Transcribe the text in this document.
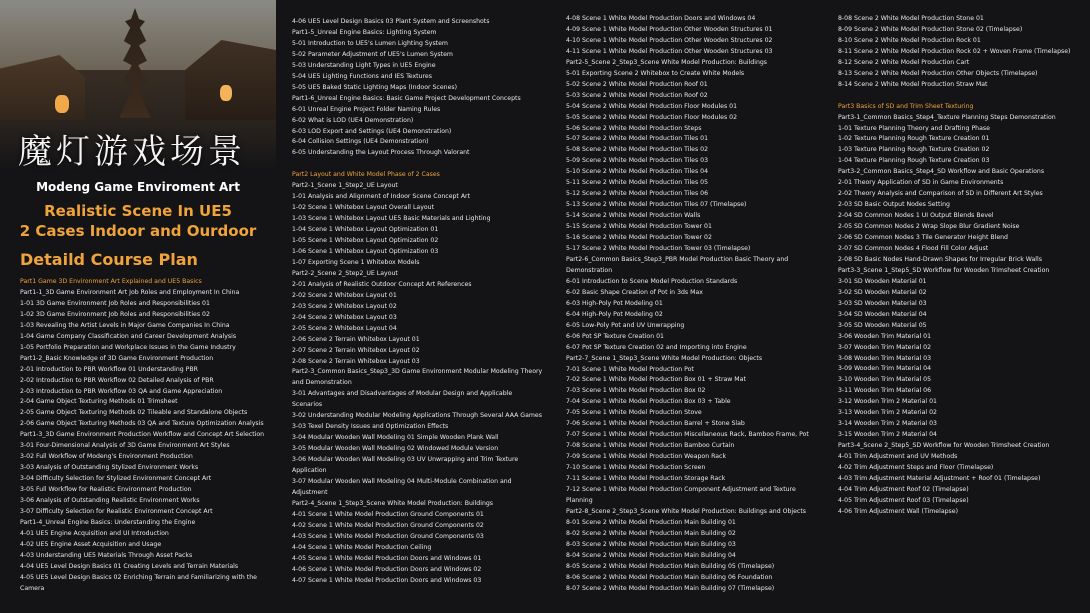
魔灯游戏场景
Modeng Game Enviroment Art
Realistic Scene In UE5
2 Cases Indoor and Ourdoor
Detaild Course Plan
Part1 Game 3D Environment Art Explained and UE5 Basics
Part1-1_3D Game Environment Art Job Roles and Employment In China
1-01 3D Game Environment Job Roles and Responsibilities 01
1-02 3D Game Environment Job Roles and Responsibilities 02
1-03 Revealing the Artist Levels in Major Game Companies In China
1-04 Game Company Classification and Career Development Analysis
1-05 Portfolio Preparation and Workplace Issues in the Game Industry
Part1-2_Basic Knowledge of 3D Game Environment Production
2-01 Introduction to PBR Workflow 01 Understanding PBR
2-02 Introduction to PBR Workflow 02 Detailed Analysis of PBR
2-03 Introduction to PBR Workflow 03 QA and Game Appreciation
2-04 Game Object Texturing Methods 01 Trimsheet
2-05 Game Object Texturing Methods 02 Tileable and Standalone Objects
2-06 Game Object Texturing Methods 03 QA and Texture Optimization Analysis
Part1-3_3D Game Environment Production Workflow and Concept Art Selection
3-01 Four-Dimensional Analysis of 3D Game Environment Art Styles
3-02 Full Workflow of Modeng's Environment Production
3-03 Analysis of Outstanding Stylized Environment Works
3-04 Difficulty Selection for Stylized Environment Concept Art
3-05 Full Workflow for Realistic Environment Production
3-06 Analysis of Outstanding Realistic Environment Works
3-07 Difficulty Selection for Realistic Environment Concept Art
Part1-4_Unreal Engine Basics: Understanding the Engine
4-01 UE5 Engine Acquisition and UI Introduction
4-02 UE5 Engine Asset Acquisition and Usage
4-03 Understanding UE5 Materials Through Asset Packs
4-04 UE5 Level Design Basics 01 Creating Levels and Terrain Materials
4-05 UE5 Level Design Basics 02 Enriching Terrain and Familiarizing with the
Camera
4-06 UE5 Level Design Basics 03 Plant System and Screenshots
Part1-5_Unreal Engine Basics: Lighting System
5-01 Introduction to UE5's Lumen Lighting System
5-02 Parameter Adjustment of UE5's Lumen System
5-03 Understanding Light Types in UE5 Engine
5-04 UE5 Lighting Functions and IES Textures
5-05 UE5 Baked Static Lighting Maps (Indoor Scenes)
Part1-6_Unreal Engine Basics: Basic Game Project Development Concepts
6-01 Unreal Engine Project Folder Naming Rules
6-02 What is LOD (UE4 Demonstration)
6-03 LOD Export and Settings (UE4 Demonstration)
6-04 Collision Settings (UE4 Demonstration)
6-05 Understanding the Layout Process Through Valorant
Part2 Layout and White Model Phase of 2 Cases
Part2-1_Scene 1_Step2_UE Layout
1-01 Analysis and Alignment of Indoor Scene Concept Art
1-02 Scene 1 Whitebox Layout Overall Layout
1-03 Scene 1 Whitebox Layout UE5 Basic Materials and Lighting
1-04 Scene 1 Whitebox Layout Optimization 01
1-05 Scene 1 Whitebox Layout Optimization 02
1-06 Scene 1 Whitebox Layout Optimization 03
1-07 Exporting Scene 1 Whitebox Models
Part2-2_Scene 2_Step2_UE Layout
2-01 Analysis of Realistic Outdoor Concept Art References
2-02 Scene 2 Whitebox Layout 01
2-03 Scene 2 Whitebox Layout 02
2-04 Scene 2 Whitebox Layout 03
2-05 Scene 2 Whitebox Layout 04
2-06 Scene 2 Terrain Whitebox Layout 01
2-07 Scene 2 Terrain Whitebox Layout 02
2-08 Scene 2 Terrain Whitebox Layout 03
Part2-3_Common Basics_Step3_3D Game Environment Modular Modeling Theory
and Demonstration
3-01 Advantages and Disadvantages of Modular Design and Applicable
Scenarios
3-02 Understanding Modular Modeling Applications Through Several AAA Games
3-03 Texel Density Issues and Optimization Effects
3-04 Modular Wooden Wall Modeling 01 Simple Wooden Plank Wall
3-05 Modular Wooden Wall Modeling 02 Windowed Module Version
3-06 Modular Wooden Wall Modeling 03 UV Unwrapping and Trim Texture
Application
3-07 Modular Wooden Wall Modeling 04 Multi-Module Combination and
Adjustment
Part2-4_Scene 1_Step3_Scene White Model Production: Buildings
4-01 Scene 1 White Model Production Ground Components 01
4-02 Scene 1 White Model Production Ground Components 02
4-03 Scene 1 White Model Production Ground Components 03
4-04 Scene 1 White Model Production Ceiling
4-05 Scene 1 White Model Production Doors and Windows 01
4-06 Scene 1 White Model Production Doors and Windows 02
4-07 Scene 1 White Model Production Doors and Windows 03
4-08 Scene 1 White Model Production Doors and Windows 04
4-09 Scene 1 White Model Production Other Wooden Structures 01
4-10 Scene 1 White Model Production Other Wooden Structures 02
4-11 Scene 1 White Model Production Other Wooden Structures 03
Part2-5_Scene 2_Step3_Scene White Model Production: Buildings
5-01 Exporting Scene 2 Whitebox to Create White Models
5-02 Scene 2 White Model Production Roof 01
5-03 Scene 2 White Model Production Roof 02
5-04 Scene 2 White Model Production Floor Modules 01
5-05 Scene 2 White Model Production Floor Modules 02
5-06 Scene 2 White Model Production Steps
5-07 Scene 2 White Model Production Tiles 01
5-08 Scene 2 White Model Production Tiles 02
5-09 Scene 2 White Model Production Tiles 03
5-10 Scene 2 White Model Production Tiles 04
5-11 Scene 2 White Model Production Tiles 05
5-12 Scene 2 White Model Production Tiles 06
5-13 Scene 2 White Model Production Tiles 07 (Timelapse)
5-14 Scene 2 White Model Production Walls
5-15 Scene 2 White Model Production Tower 01
5-16 Scene 2 White Model Production Tower 02
5-17 Scene 2 White Model Production Tower 03 (Timelapse)
Part2-6_Common Basics_Step3_PBR Model Production Basic Theory and
Demonstration
6-01 Introduction to Scene Model Production Standards
6-02 Basic Shape Creation of Pot in 3ds Max
6-03 High-Poly Pot Modeling 01
6-04 High-Poly Pot Modeling 02
6-05 Low-Poly Pot and UV Unwrapping
6-06 Pot SP Texture Creation 01
6-07 Pot SP Texture Creation 02 and Importing into Engine
Part2-7_Scene 1_Step3_Scene White Model Production: Objects
7-01 Scene 1 White Model Production Pot
7-02 Scene 1 White Model Production Box 01 + Straw Mat
7-03 Scene 1 White Model Production Box 02
7-04 Scene 1 White Model Production Box 03 + Table
7-05 Scene 1 White Model Production Stove
7-06 Scene 1 White Model Production Barrel + Stone Slab
7-07 Scene 1 White Model Production Miscellaneous Rack, Bamboo Frame, Pot
7-08 Scene 1 White Model Production Bamboo Curtain
7-09 Scene 1 White Model Production Weapon Rack
7-10 Scene 1 White Model Production Screen
7-11 Scene 1 White Model Production Storage Rack
7-12 Scene 1 White Model Production Component Adjustment and Texture
Planning
Part2-8_Scene 2_Step3_Scene White Model Production: Buildings and Objects
8-01 Scene 2 White Model Production Main Building 01
8-02 Scene 2 White Model Production Main Building 02
8-03 Scene 2 White Model Production Main Building 03
8-04 Scene 2 White Model Production Main Building 04
8-05 Scene 2 White Model Production Main Building 05 (Timelapse)
8-06 Scene 2 White Model Production Main Building 06 Foundation
8-07 Scene 2 White Model Production Main Building 07 (Timelapse)
8-08 Scene 2 White Model Production Stone 01
8-09 Scene 2 White Model Production Stone 02 (Timelapse)
8-10 Scene 2 White Model Production Rock 01
8-11 Scene 2 White Model Production Rock 02 + Woven Frame (Timelapse)
8-12 Scene 2 White Model Production Cart
8-13 Scene 2 White Model Production Other Objects (Timelapse)
8-14 Scene 2 White Model Production Straw Mat
Part3 Basics of SD and Trim Sheet Texturing
Part3-1_Common Basics_Step4_Texture Planning Steps Demonstration
1-01 Texture Planning Theory and Drafting Phase
1-02 Texture Planning Rough Texture Creation 01
1-03 Texture Planning Rough Texture Creation 02
1-04 Texture Planning Rough Texture Creation 03
Part3-2_Common Basics_Step4_SD Workflow and Basic Operations
2-01 Theory Application of SD in Game Environments
2-02 Theory Analysis and Comparison of SD in Different Art Styles
2-03 SD Basic Output Nodes Setting
2-04 SD Common Nodes 1 UI Output Blends Bevel
2-05 SD Common Nodes 2 Wrap Slope Blur Gradient Noise
2-06 SD Common Nodes 3 Tile Generator Height Blend
2-07 SD Common Nodes 4 Flood Fill Color Adjust
2-08 SD Basic Nodes Hand-Drawn Shapes for Irregular Brick Walls
Part3-3_Scene 1_Step5_SD Workflow for Wooden Trimsheet Creation
3-01 SD Wooden Material 01
3-02 SD Wooden Material 02
3-03 SD Wooden Material 03
3-04 SD Wooden Material 04
3-05 SD Wooden Material 05
3-06 Wooden Trim Material 01
3-07 Wooden Trim Material 02
3-08 Wooden Trim Material 03
3-09 Wooden Trim Material 04
3-10 Wooden Trim Material 05
3-11 Wooden Trim Material 06
3-12 Wooden Trim 2 Material 01
3-13 Wooden Trim 2 Material 02
3-14 Wooden Trim 2 Material 03
3-15 Wooden Trim 2 Material 04
Part3-4_Scene 2_Step5_SD Workflow for Wooden Trimsheet Creation
4-01 Trim Adjustment and UV Methods
4-02 Trim Adjustment Steps and Floor (Timelapse)
4-03 Trim Adjustment Material Adjustment + Roof 01 (Timelapse)
4-04 Trim Adjustment Roof 02 (Timelapse)
4-05 Trim Adjustment Roof 03 (Timelapse)
4-06 Trim Adjustment Wall (Timelapse)
